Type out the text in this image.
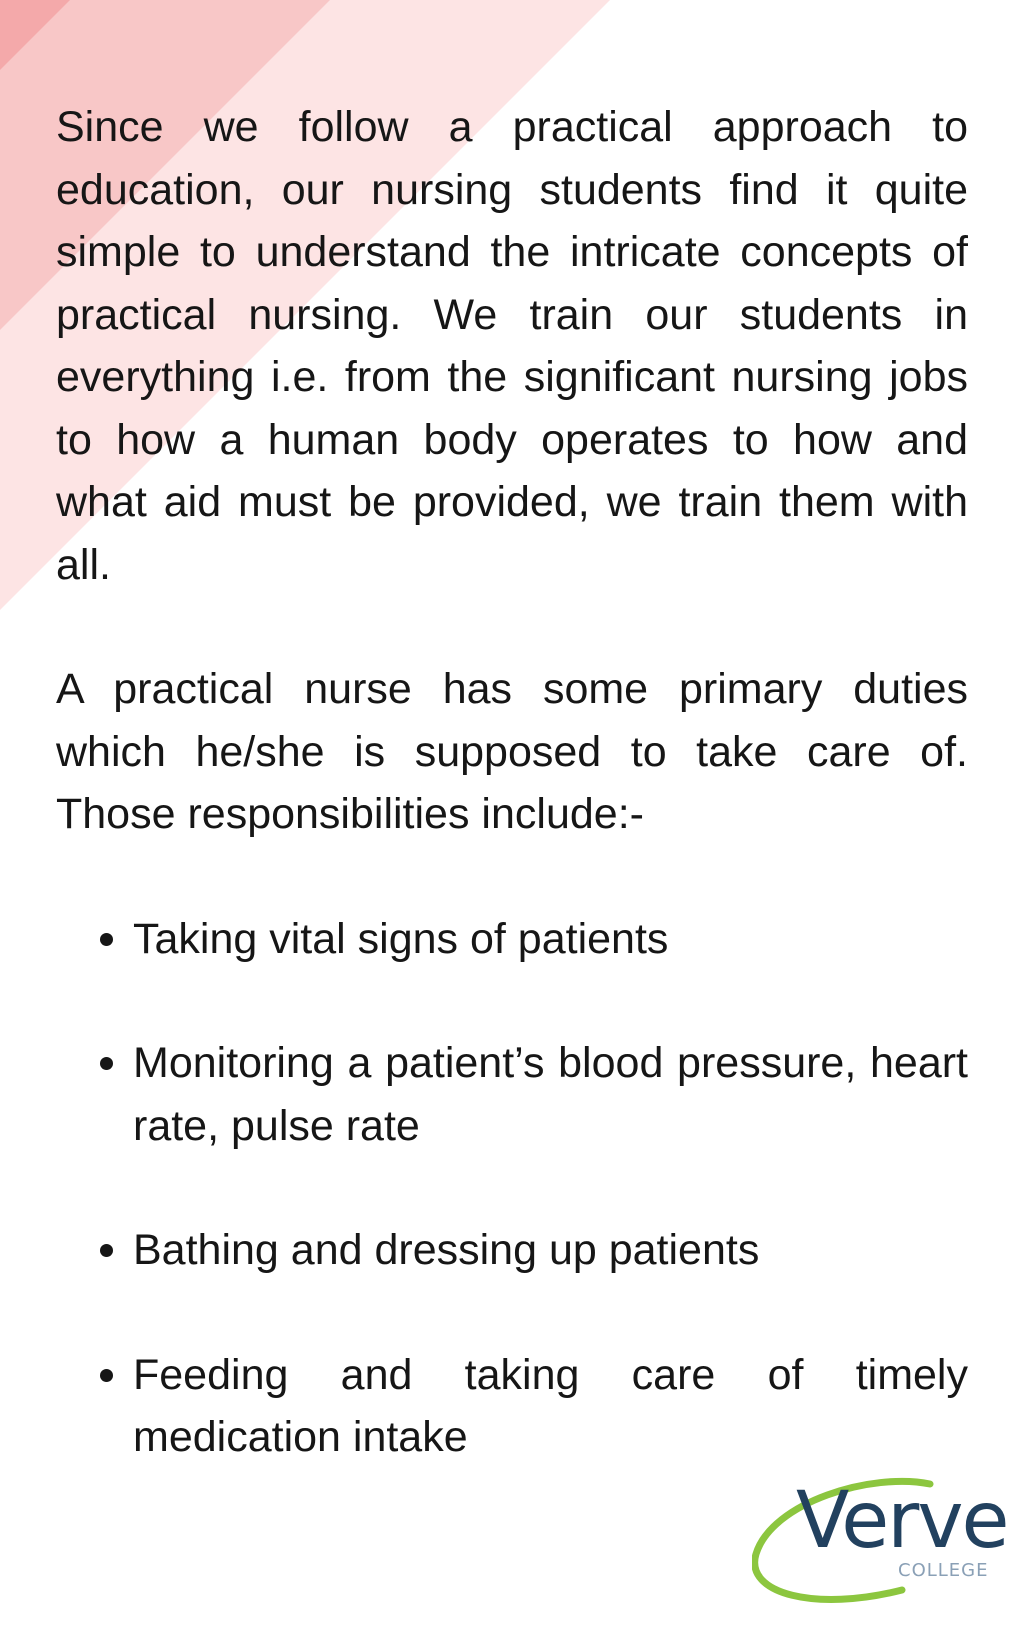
Since we follow a practical approach to education, our nursing students find it quite simple to understand the intricate concepts of practical nursing. We train our students in everything i.e. from the significant nursing jobs to how a human body operates to how and what aid must be provided, we train them with all.

A practical nurse has some primary duties which he/she is supposed to take care of. Those responsibilities include:-

Taking vital signs of patients
Monitoring a patient’s blood pressure, heart rate, pulse rate
Bathing and dressing up patients
Feeding and taking care of timely medication intake
Verve
COLLEGE
